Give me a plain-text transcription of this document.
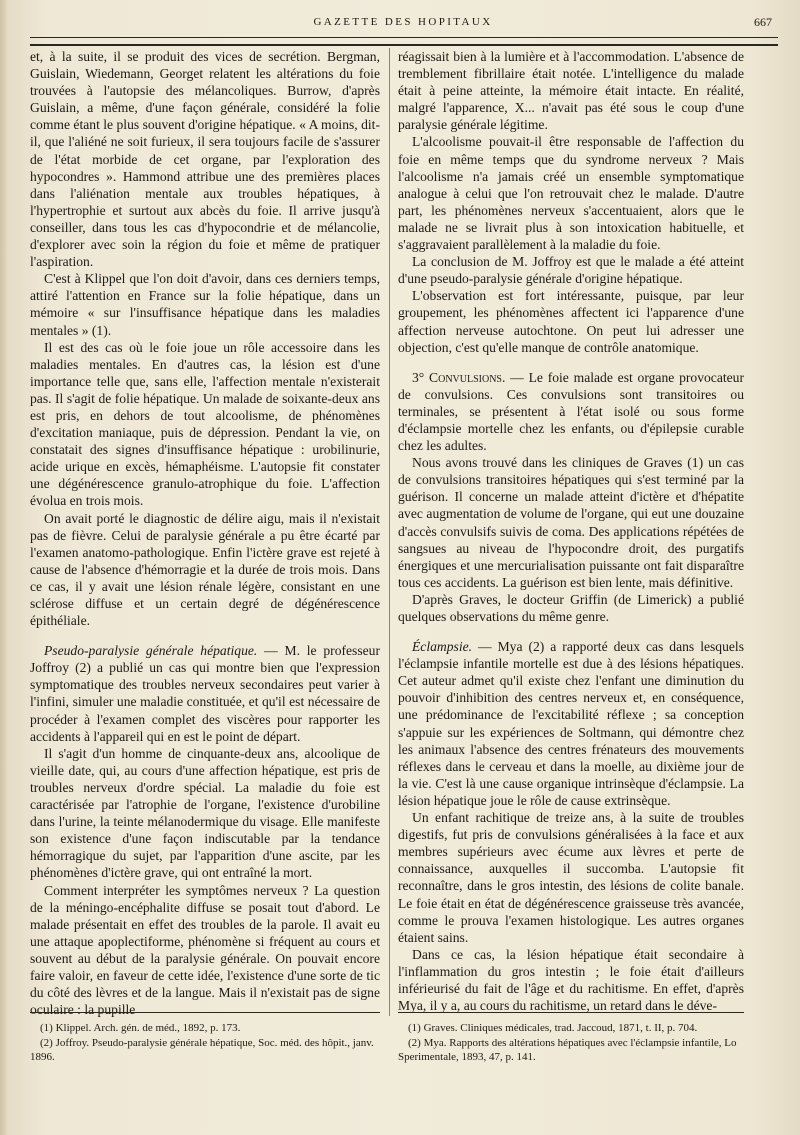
GAZETTE DES HOPITAUX	667

et, à la suite, il se produit des vices de secrétion. Bergman, Guislain, Wiedemann, Georget relatent les altérations du foie trouvées à l'autopsie des mélancoliques. Burrow, d'après Guislain, a même, d'une façon générale, considéré la folie comme étant le plus souvent d'origine hépatique. « A moins, dit-il, que l'aliéné ne soit furieux, il sera toujours facile de s'assurer de l'état morbide de cet organe, par l'exploration des hypocondres ». Hammond attribue une des premières places dans l'aliénation mentale aux troubles hépatiques, à l'hypertrophie et surtout aux abcès du foie. Il arrive jusqu'à conseiller, dans tous les cas d'hypocondrie et de mélancolie, d'explorer avec soin la région du foie et même de pratiquer l'aspiration.

C'est à Klippel que l'on doit d'avoir, dans ces derniers temps, attiré l'attention en France sur la folie hépatique, dans un mémoire « sur l'insuffisance hépatique dans les maladies mentales » (1).

Il est des cas où le foie joue un rôle accessoire dans les maladies mentales. En d'autres cas, la lésion est d'une importance telle que, sans elle, l'affection mentale n'existerait pas. Il s'agit de folie hépatique. Un malade de soixante-deux ans est pris, en dehors de tout alcoolisme, de phénomènes d'excitation maniaque, puis de dépression. Pendant la vie, on constatait des signes d'insuffisance hépatique : urobilinurie, acide urique en excès, hémaphéisme. L'autopsie fit constater une dégénérescence granulo-atrophique du foie. L'affection évolua en trois mois.

On avait porté le diagnostic de délire aigu, mais il n'existait pas de fièvre. Celui de paralysie générale a pu être écarté par l'examen anatomo-pathologique. Enfin l'ictère grave est rejeté à cause de l'absence d'hémorragie et la durée de trois mois. Dans ce cas, il y avait une lésion rénale légère, consistant en une sclérose diffuse et un certain degré de dégénérescence épithéliale.

Pseudo-paralysie générale hépatique. — M. le professeur Joffroy (2) a publié un cas qui montre bien que l'expression symptomatique des troubles nerveux secondaires peut varier à l'infini, simuler une maladie constituée, et qu'il est nécessaire de procéder à l'examen complet des viscères pour rapporter les accidents à l'appareil qui en est le point de départ.

Il s'agit d'un homme de cinquante-deux ans, alcoolique de vieille date, qui, au cours d'une affection hépatique, est pris de troubles nerveux d'ordre spécial. La maladie du foie est caractérisée par l'atrophie de l'organe, l'existence d'urobiline dans l'urine, la teinte mélanodermique du visage. Elle manifeste son existence d'une façon indiscutable par la tendance hémorragique du sujet, par l'apparition d'une ascite, par les phénomènes d'ictère grave, qui ont entraîné la mort.

Comment interpréter les symptômes nerveux ? La question de la méningo-encéphalite diffuse se posait tout d'abord. Le malade présentait en effet des troubles de la parole. Il avait eu une attaque apoplectiforme, phénomène si fréquent au cours et souvent au début de la paralysie générale. On pouvait encore faire valoir, en faveur de cette idée, l'existence d'une sorte de tic du côté des lèvres et de la langue. Mais il n'existait pas de signe oculaire : la pupille

réagissait bien à la lumière et à l'accommodation. L'absence de tremblement fibrillaire était notée. L'intelligence du malade était à peine atteinte, la mémoire était intacte. En réalité, malgré l'apparence, X... n'avait pas été sous le coup d'une paralysie générale légitime.

L'alcoolisme pouvait-il être responsable de l'affection du foie en même temps que du syndrome nerveux ? Mais l'alcoolisme n'a jamais créé un ensemble symptomatique analogue à celui que l'on retrouvait chez le malade. D'autre part, les phénomènes nerveux s'accentuaient, alors que le malade ne se livrait plus à son intoxication habituelle, et s'aggravaient parallèlement à la maladie du foie.

La conclusion de M. Joffroy est que le malade a été atteint d'une pseudo-paralysie générale d'origine hépatique.

L'observation est fort intéressante, puisque, par leur groupement, les phénomènes affectent ici l'apparence d'une affection nerveuse autochtone. On peut lui adresser une objection, c'est qu'elle manque de contrôle anatomique.

3° Convulsions. — Le foie malade est organe provocateur de convulsions. Ces convulsions sont transitoires ou terminales, se présentent à l'état isolé ou sous forme d'éclampsie mortelle chez les enfants, ou d'épilepsie curable chez les adultes.

Nous avons trouvé dans les cliniques de Graves (1) un cas de convulsions transitoires hépatiques qui s'est terminé par la guérison. Il concerne un malade atteint d'ictère et d'hépatite avec augmentation de volume de l'organe, qui eut une douzaine d'accès convulsifs suivis de coma. Des applications répétées de sangsues au niveau de l'hypocondre droit, des purgatifs énergiques et une mercurialisation puissante ont fait disparaître tous ces accidents. La guérison est bien lente, mais définitive.

D'après Graves, le docteur Griffin (de Limerick) a publié quelques observations du même genre.

Éclampsie. — Mya (2) a rapporté deux cas dans lesquels l'éclampsie infantile mortelle est due à des lésions hépatiques. Cet auteur admet qu'il existe chez l'enfant une diminution du pouvoir d'inhibition des centres nerveux et, en conséquence, une prédominance de l'excitabilité réflexe ; sa conception s'appuie sur les expériences de Soltmann, qui démontre chez les animaux l'absence des centres frénateurs des mouvements réflexes dans le cerveau et dans la moelle, au dixième jour de la vie. C'est là une cause organique intrinsèque d'éclampsie. La lésion hépatique joue le rôle de cause extrinsèque.

Un enfant rachitique de treize ans, à la suite de troubles digestifs, fut pris de convulsions généralisées à la face et aux membres supérieurs avec écume aux lèvres et perte de connaissance, auxquelles il succomba. L'autopsie fit reconnaître, dans le gros intestin, des lésions de colite banale. Le foie était en état de dégénérescence graisseuse très avancée, comme le prouva l'examen histologique. Les autres organes étaient sains.

Dans ce cas, la lésion hépatique était secondaire à l'inflammation du gros intestin ; le foie était d'ailleurs inférieurisé du fait de l'âge et du rachitisme. En effet, d'après Mya, il y a, au cours du rachitisme, un retard dans le déve-

(1) Klippel. Arch. gén. de méd., 1892, p. 173.

(2) Joffroy. Pseudo-paralysie générale hépatique, Soc. méd. des hôpit., janv. 1896.

(1) Graves. Cliniques médicales, trad. Jaccoud, 1871, t. II, p. 704.

(2) Mya. Rapports des altérations hépatiques avec l'éclampsie infantile, Lo Sperimentale, 1893, 47, p. 141.
